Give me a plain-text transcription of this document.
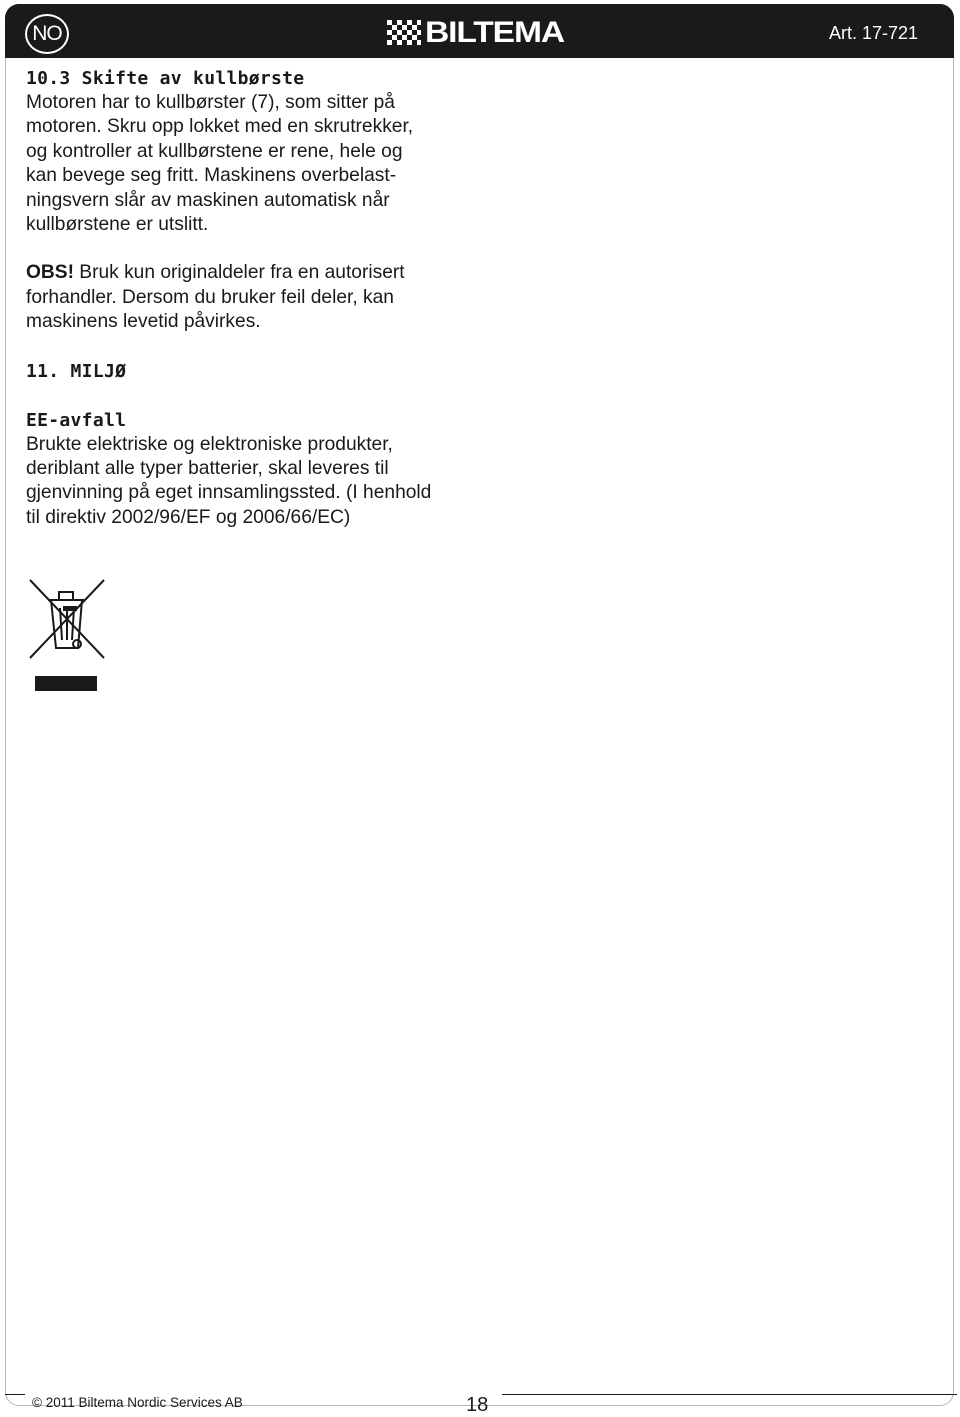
NO	BILTEMA	Art. 17-721
10.3 Skifte av kullbørste

Motoren har to kullbørster (7), som sitter på

motoren. Skru opp lokket med en skrutrekker,

og kontroller at kullbørstene er rene, hele og

kan bevege seg fritt. Maskinens overbelast-

ningsvern slår av maskinen automatisk når

kullbørstene er utslitt.

OBS! Bruk kun originaldeler fra en autorisert

forhandler. Dersom du bruker feil deler, kan

maskinens levetid påvirkes.

11. MILJØ
EE-avfall

Brukte elektriske og elektroniske produkter,

deriblant alle typer batterier, skal leveres til

gjenvinning på eget innsamlingssted. (I henhold

til direktiv 2002/96/EF og 2006/66/EC)

© 2011 Biltema Nordic Services AB	18
